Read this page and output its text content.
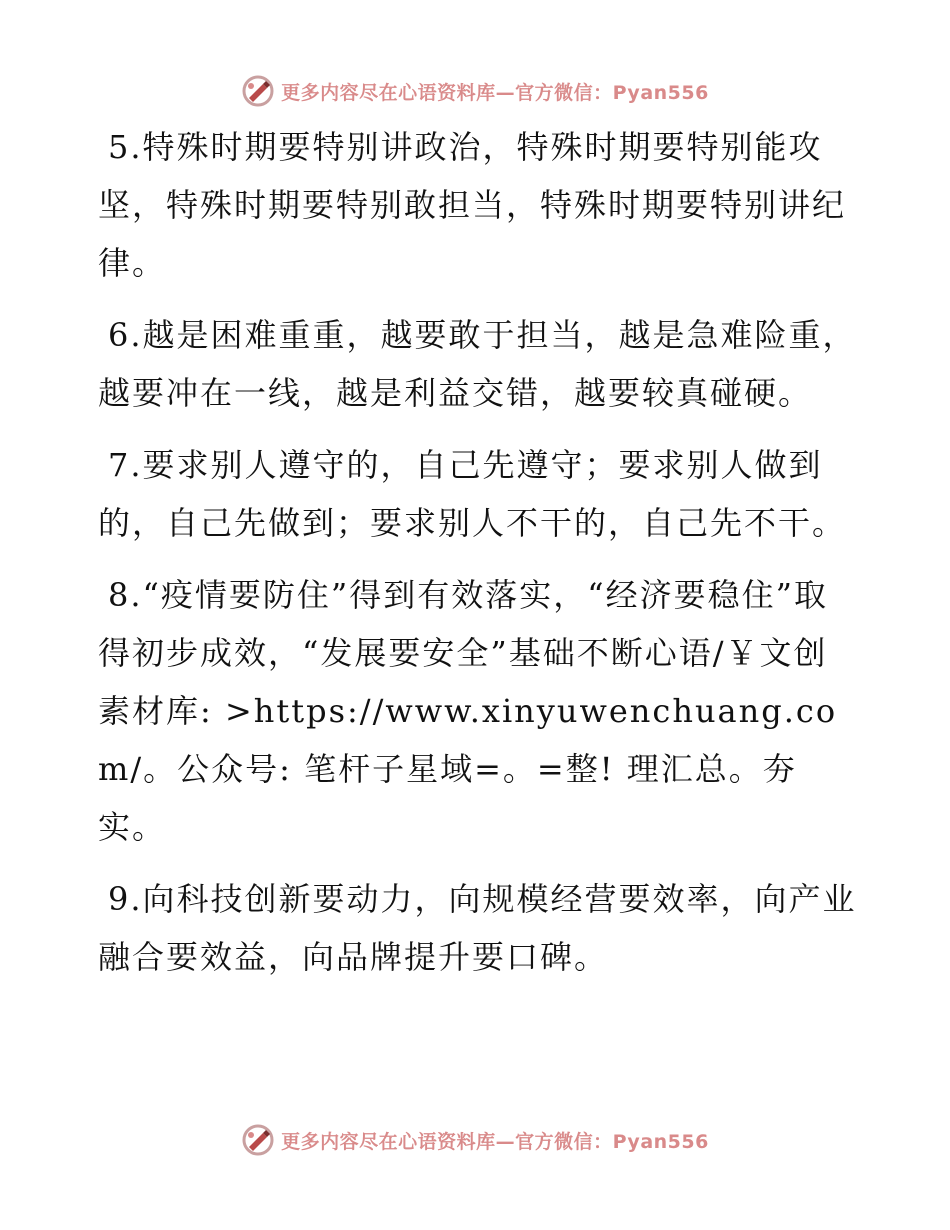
更多内容尽在心语资料库—官方微信：Pyan556

5.特殊时期要特别讲政治，特殊时期要特别能攻坚，特殊时期要特别敢担当，特殊时期要特别讲纪律。

6.越是困难重重，越要敢于担当，越是急难险重，越要冲在一线，越是利益交错，越要较真碰硬。

7.要求别人遵守的，自己先遵守；要求别人做到的，自己先做到；要求别人不干的，自己先不干。

8.“疫情要防住”得到有效落实，“经济要稳住”取得初步成效，“发展要安全”基础不断心语/￥文创素材库: >https://www.xinyuwenchuang.com/。公众号: 笔杆子星域=。=整! 理汇总。夯实。

9.向科技创新要动力，向规模经营要效率，向产业融合要效益，向品牌提升要口碑。

更多内容尽在心语资料库—官方微信：Pyan556
